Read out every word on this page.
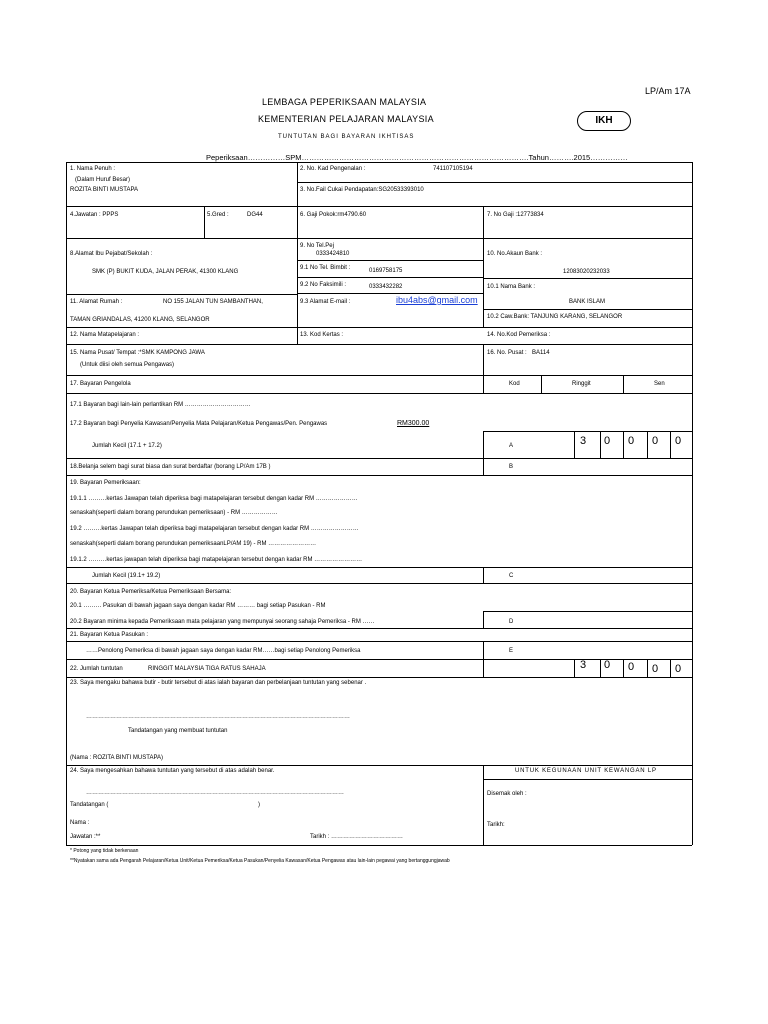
LP/Am 17A
LEMBAGA PEPERIKSAAN MALAYSIA
KEMENTERIAN PELAJARAN MALAYSIA	IKH
TUNTUTAN BAGI BAYARAN IKHTISAS
Peperiksaan……………SPM……………………………………………………………………………….Tahun……….2015……………
1. Nama Penuh :
(Dalam Huruf Besar)
ROZITA BINTI MUSTAPA
2. No. Kad Pengenalan :	741107105194
3. No.Fail Cukai Pendapatan:SG20533393010
4.Jawatan : PPPS	5.Gred :	DG44	6. Gaji Pokok:rm4790.60	7. No Gaji :12773834
8.Alamat Ibu Pejabat/Sekolah :
SMK (P) BUKIT KUDA, JALAN PERAK, 41300 KLANG
9. No Tel.Pej
0333424810
9.1 No Tel. Bimbit :	0169758175
9.2 No Faksimili :	0333432282
9.3 Alamat E-mail :	ibu4abs@gmail.com
10. No.Akaun Bank :
12083020232033
10.1 Nama Bank :
BANK ISLAM
10.2 Caw.Bank: TANJUNG KARANG, SELANGOR
11. Alamat Rumah :	NO 155 JALAN TUN SAMBANTHAN,
TAMAN GRIANDALAS, 41200 KLANG, SELANGOR
12. Nama Matapelajaran :	13. Kod Kertas :	14. No.Kod Pemeriksa :
15. Nama Pusat/ Tempat :*SMK KAMPONG JAWA
(Untuk diisi oleh semua Pengawas)
16. No. Pusat : BA114
17. Bayaran Pengelola	Kod	Ringgit	Sen
17.1 Bayaran bagi lain-lain perlantikan RM ……………………………
17.2 Bayaran bagi Penyelia Kawasan/Penyelia Mata Pelajaran/Ketua Pengawas/Pen. Pengawas	RM300.00
Jumlah Kecil (17.1 + 17.2)	A	3 0 0 0 0
18.Belanja selem bagi surat biasa dan surat berdaftar (borang LP/Am 17B )	B
19. Bayaran Pemeriksaan:
19.1.1 ………kertas Jawapan telah diperiksa bagi matapelajaran tersebut dengan kadar RM …………………
senaskah(seperti dalam borang perundukan pemeriksaan) - RM ………………
19.2 ………kertas Jawapan telah diperiksa bagi matapelajaran tersebut dengan kadar RM ……………………
senaskah(seperti dalam borang perundukan pemeriksaanLP/AM 19) - RM ……………………
19.1.2 ………kertas jawapan telah diperiksa bagi matapelajaran tersebut dengan kadar RM ……………………
Jumlah Kecil (19.1+ 19.2)	C
20. Bayaran Ketua Pemeriksa/Ketua Pemeriksaan Bersama:
20.1 ……… Pasukan di bawah jagaan saya dengan kadar RM ……… bagi setiap Pasukan - RM
20.2 Bayaran minima kepada Pemeriksaan mata pelajaran yang mempunyai seorang sahaja Pemeriksa - RM ……	D
21. Bayaran Ketua Pasukan :
……Penolong Pemeriksa di bawah jagaan saya dengan kadar RM……bagi setiap Penolong Pemeriksa	E
22. Jumlah tuntutan	RINGGIT MALAYSIA TIGA RATUS SAHAJA	3 0 0 0 0
23. Saya mengaku bahawa butir - butir tersebut di atas ialah bayaran dan perbelanjaan tuntutan yang sebenar .
……………………………………………………………………………………………………………………
Tandatangan yang membuat tuntutan
(Nama : ROZITA BINTI MUSTAPA)
24. Saya mengesahkan bahawa tuntutan yang tersebut di atas adalah benar.
…………………………………………………………………………………………………………………
Tandatangan (	)
Nama :
Jawatan :**	Tarikh : ………………………………
UNTUK KEGUNAAN UNIT KEWANGAN LP
Disemak oleh :
Tarikh:
* Potong yang tidak berkenaan
**Nyatakan sama ada Pengarah Pelajaran/Ketua Unit/Ketua Pemeriksa/Ketua Pasukan/Penyelia Kawasan/Ketua Pengawas atau lain-lain pegawai yang bertanggungjawab
